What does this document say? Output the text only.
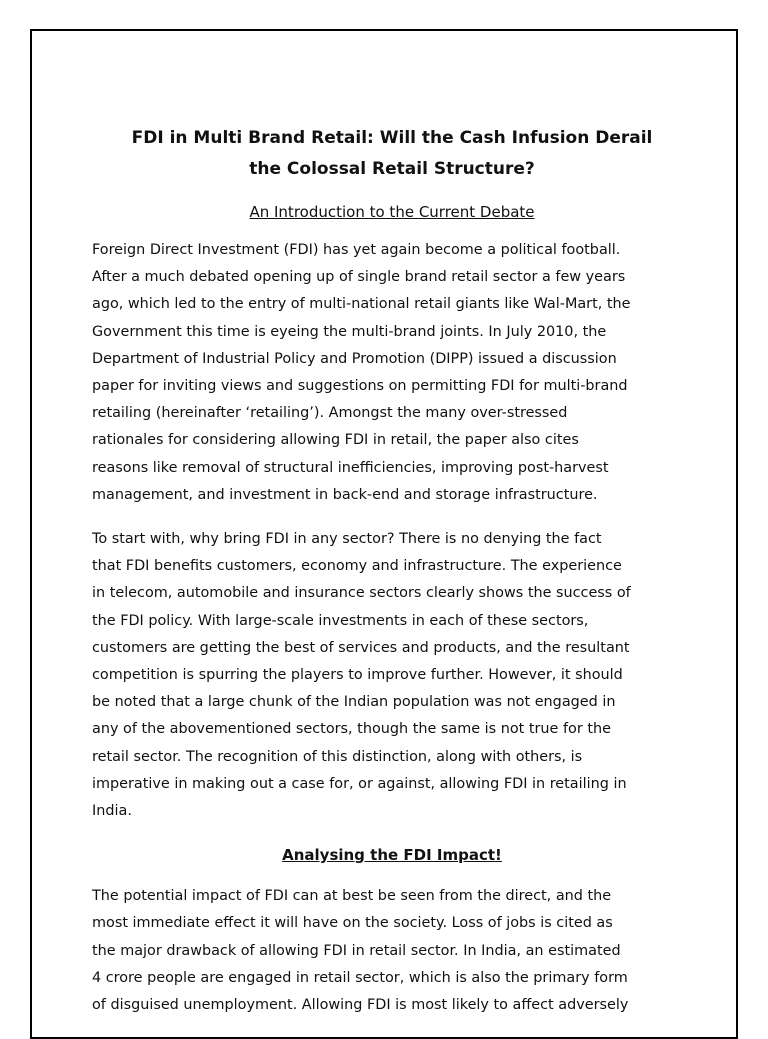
FDI in Multi Brand Retail: Will the Cash Infusion Derail
the Colossal Retail Structure?
An Introduction to the Current Debate

Foreign Direct Investment (FDI) has yet again become a political football.
After a much debated opening up of single brand retail sector a few years
ago, which led to the entry of multi-national retail giants like Wal-Mart, the
Government this time is eyeing the multi-brand joints. In July 2010, the
Department of Industrial Policy and Promotion (DIPP) issued a discussion
paper for inviting views and suggestions on permitting FDI for multi-brand
retailing (hereinafter ‘retailing’). Amongst the many over-stressed
rationales for considering allowing FDI in retail, the paper also cites
reasons like removal of structural inefficiencies, improving post-harvest
management, and investment in back-end and storage infrastructure.

To start with, why bring FDI in any sector? There is no denying the fact
that FDI benefits customers, economy and infrastructure. The experience
in telecom, automobile and insurance sectors clearly shows the success of
the FDI policy. With large-scale investments in each of these sectors,
customers are getting the best of services and products, and the resultant
competition is spurring the players to improve further. However, it should
be noted that a large chunk of the Indian population was not engaged in
any of the abovementioned sectors, though the same is not true for the
retail sector. The recognition of this distinction, along with others, is
imperative in making out a case for, or against, allowing FDI in retailing in
India.

Analysing the FDI Impact!

The potential impact of FDI can at best be seen from the direct, and the
most immediate effect it will have on the society. Loss of jobs is cited as
the major drawback of allowing FDI in retail sector. In India, an estimated
4 crore people are engaged in retail sector, which is also the primary form
of disguised unemployment. Allowing FDI is most likely to affect adversely
